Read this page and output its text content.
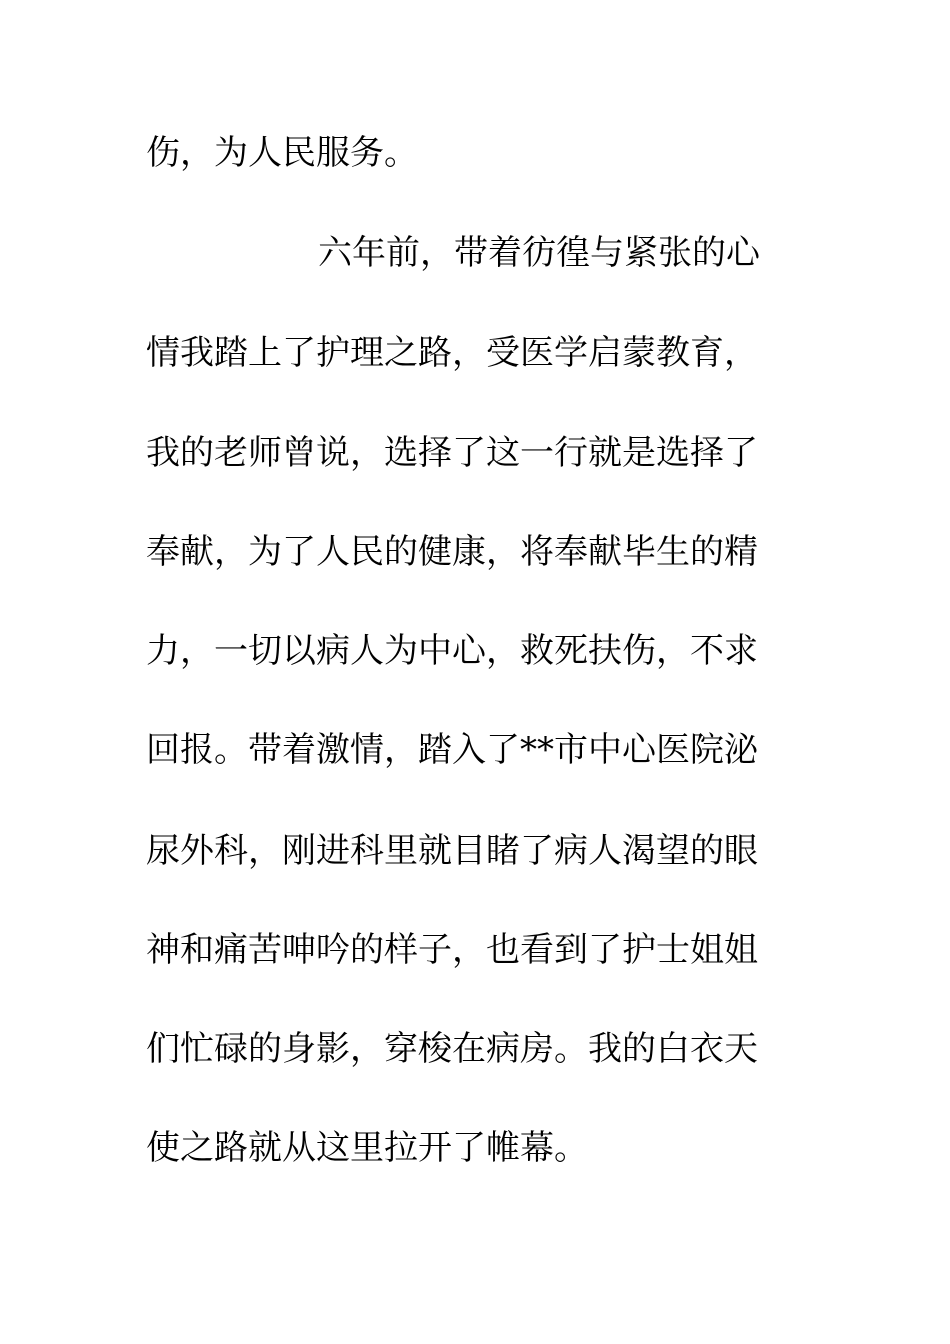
伤，为人民服务。
六年前，带着彷徨与紧张的心
情我踏上了护理之路，受医学启蒙教育，
我的老师曾说，选择了这一行就是选择了
奉献，为了人民的健康，将奉献毕生的精
力，一切以病人为中心，救死扶伤，不求
回报。带着激情，踏入了**市中心医院泌
尿外科，刚进科里就目睹了病人渴望的眼
神和痛苦呻吟的样子，也看到了护士姐姐
们忙碌的身影，穿梭在病房。我的白衣天
使之路就从这里拉开了帷幕。
